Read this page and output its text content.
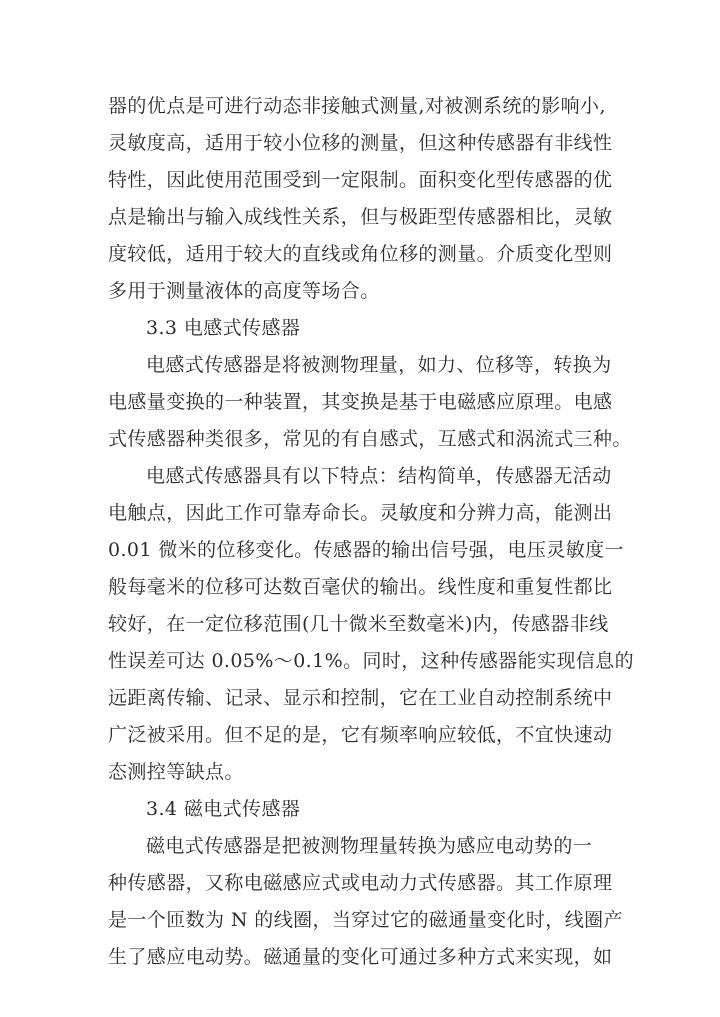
器的优点是可进行动态非接触式测量,对被测系统的影响小,
灵敏度高，适用于较小位移的测量，但这种传感器有非线性
特性，因此使用范围受到一定限制。面积变化型传感器的优
点是输出与输入成线性关系，但与极距型传感器相比，灵敏
度较低，适用于较大的直线或角位移的测量。介质变化型则
多用于测量液体的高度等场合。
3.3 电感式传感器
电感式传感器是将被测物理量，如力、位移等，转换为
电感量变换的一种装置，其变换是基于电磁感应原理。电感
式传感器种类很多，常见的有自感式，互感式和涡流式三种。
电感式传感器具有以下特点：结构简单，传感器无活动
电触点，因此工作可靠寿命长。灵敏度和分辨力高，能测出
0.01 微米的位移变化。传感器的输出信号强，电压灵敏度一
般每毫米的位移可达数百毫伏的输出。线性度和重复性都比
较好，在一定位移范围(几十微米至数毫米)内，传感器非线
性误差可达 0.05%～0.1%。同时，这种传感器能实现信息的
远距离传输、记录、显示和控制，它在工业自动控制系统中
广泛被采用。但不足的是，它有频率响应较低，不宜快速动
态测控等缺点。
3.4 磁电式传感器
磁电式传感器是把被测物理量转换为感应电动势的一
种传感器，又称电磁感应式或电动力式传感器。其工作原理
是一个匝数为 N 的线圈，当穿过它的磁通量变化时，线圈产
生了感应电动势。磁通量的变化可通过多种方式来实现，如
